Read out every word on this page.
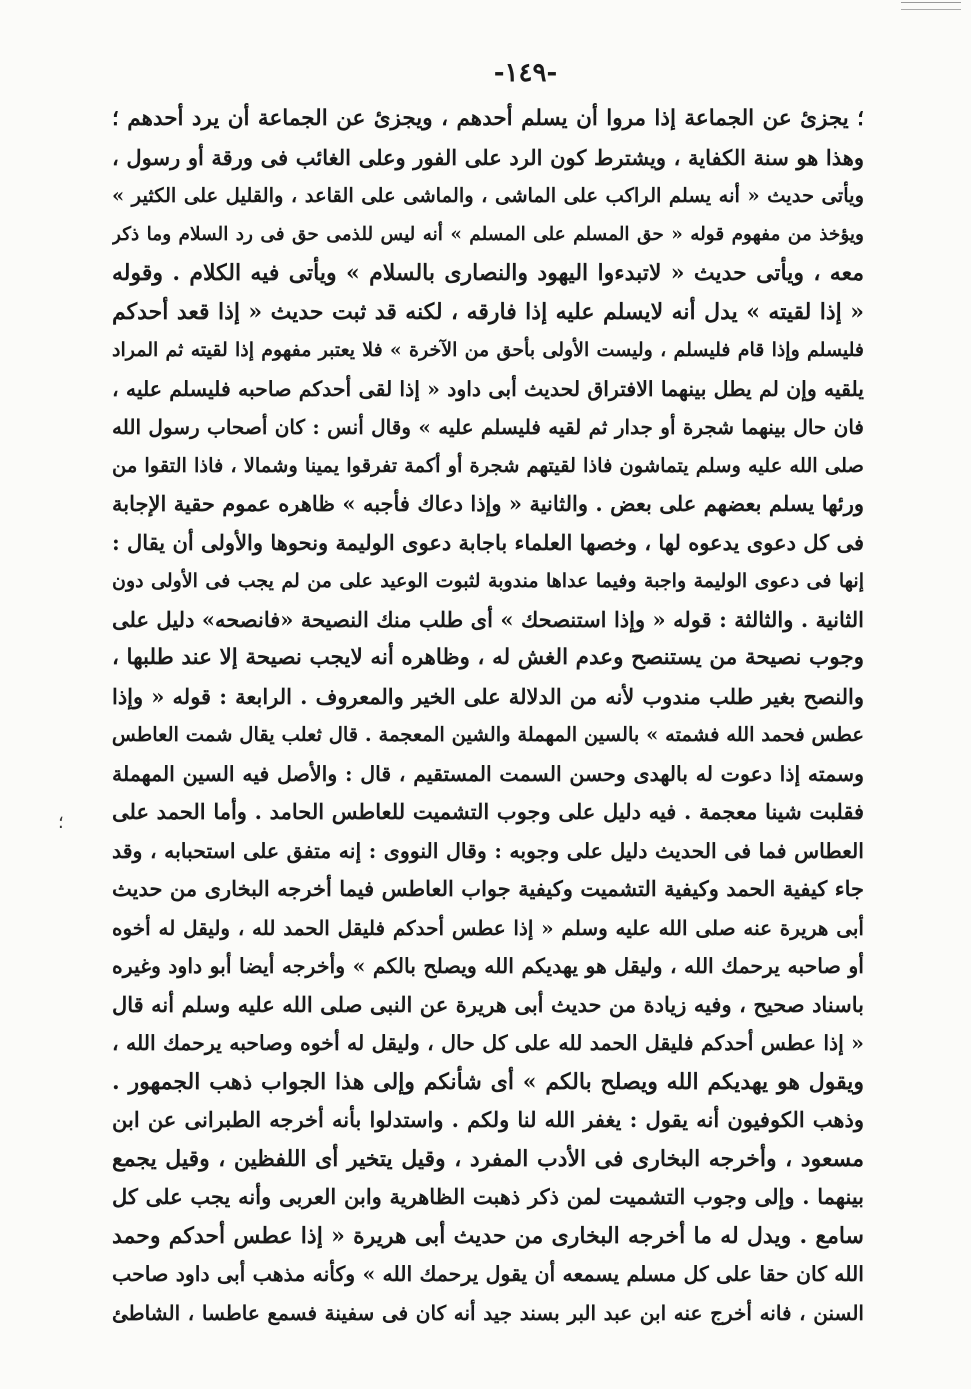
-١٤٩-
؛
؛ يجزئ عن الجماعة إذا مروا أن يسلم أحدهم ، ويجزئ عن الجماعة أن يرد أحدهم ؛
وهذا هو سنة الكفاية ، ويشترط كون الرد على الفور وعلى الغائب فى ورقة أو رسول ،
ويأتى حديث « أنه يسلم الراكب على الماشى ، والماشى على القاعد ، والقليل على الكثير »
ويؤخذ من مفهوم قوله « حق المسلم على المسلم » أنه ليس للذمى حق فى رد السلام وما ذكر
معه ، ويأتى حديث « لاتبدءوا اليهود والنصارى بالسلام » ويأتى فيه الكلام . وقوله
« إذا لقيته » يدل أنه لايسلم عليه إذا فارقه ، لكنه قد ثبت حديث « إذا قعد أحدكم
فليسلم وإذا قام فليسلم ، وليست الأولى بأحق من الآخرة » فلا يعتبر مفهوم إذا لقيته ثم المراد
يلقيه وإن لم يطل بينهما الافتراق لحديث أبى داود « إذا لقى أحدكم صاحبه فليسلم عليه ،
فان حال بينهما شجرة أو جدار ثم لقيه فليسلم عليه » وقال أنس : كان أصحاب رسول الله
صلى الله عليه وسلم يتماشون فاذا لقيتهم شجرة أو أكمة تفرقوا يمينا وشمالا ، فاذا التقوا من
ورئها يسلم بعضهم على بعض . والثانية « وإذا دعاك فأجبه » ظاهره عموم حقية الإجابة
فى كل دعوى يدعوه لها ، وخصها العلماء باجابة دعوى الوليمة ونحوها والأولى أن يقال :
إنها فى دعوى الوليمة واجبة وفيما عداها مندوبة لثبوت الوعيد على من لم يجب فى الأولى دون
الثانية . والثالثة : قوله « وإذا استنصحك » أى طلب منك النصيحة «فانصحه» دليل على
وجوب نصيحة من يستنصح وعدم الغش له ، وظاهره أنه لايجب نصيحة إلا عند طلبها ،
والنصح بغير طلب مندوب لأنه من الدلالة على الخير والمعروف . الرابعة : قوله « وإذا
عطس فحمد الله فشمته » بالسين المهملة والشين المعجمة . قال ثعلب يقال شمت العاطس
وسمته إذا دعوت له بالهدى وحسن السمت المستقيم ، قال : والأصل فيه السين المهملة
فقلبت شينا معجمة . فيه دليل على وجوب التشميت للعاطس الحامد . وأما الحمد على
العطاس فما فى الحديث دليل على وجوبه : وقال النووى : إنه متفق على استحبابه ، وقد
جاء كيفية الحمد وكيفية التشميت وكيفية جواب العاطس فيما أخرجه البخارى من حديث
أبى هريرة عنه صلى الله عليه وسلم « إذا عطس أحدكم فليقل الحمد لله ، وليقل له أخوه
أو صاحبه يرحمك الله ، وليقل هو يهديكم الله ويصلح بالكم » وأخرجه أيضا أبو داود وغيره
باسناد صحيح ، وفيه زيادة من حديث أبى هريرة عن النبى صلى الله عليه وسلم أنه قال
« إذا عطس أحدكم فليقل الحمد لله على كل حال ، وليقل له أخوه وصاحبه يرحمك الله ،
ويقول هو يهديكم الله ويصلح بالكم » أى شأنكم وإلى هذا الجواب ذهب الجمهور .
وذهب الكوفيون أنه يقول : يغفر الله لنا ولكم . واستدلوا بأنه أخرجه الطبرانى عن ابن
مسعود ، وأخرجه البخارى فى الأدب المفرد ، وقيل يتخير أى اللفظين ، وقيل يجمع
بينهما . وإلى وجوب التشميت لمن ذكر ذهبت الظاهرية وابن العربى وأنه يجب على كل
سامع . ويدل له ما أخرجه البخارى من حديث أبى هريرة « إذا عطس أحدكم وحمد
الله كان حقا على كل مسلم يسمعه أن يقول يرحمك الله » وكأنه مذهب أبى داود صاحب
السنن ، فانه أخرج عنه ابن عبد البر بسند جيد أنه كان فى سفينة فسمع عاطسا ، الشاطئ
